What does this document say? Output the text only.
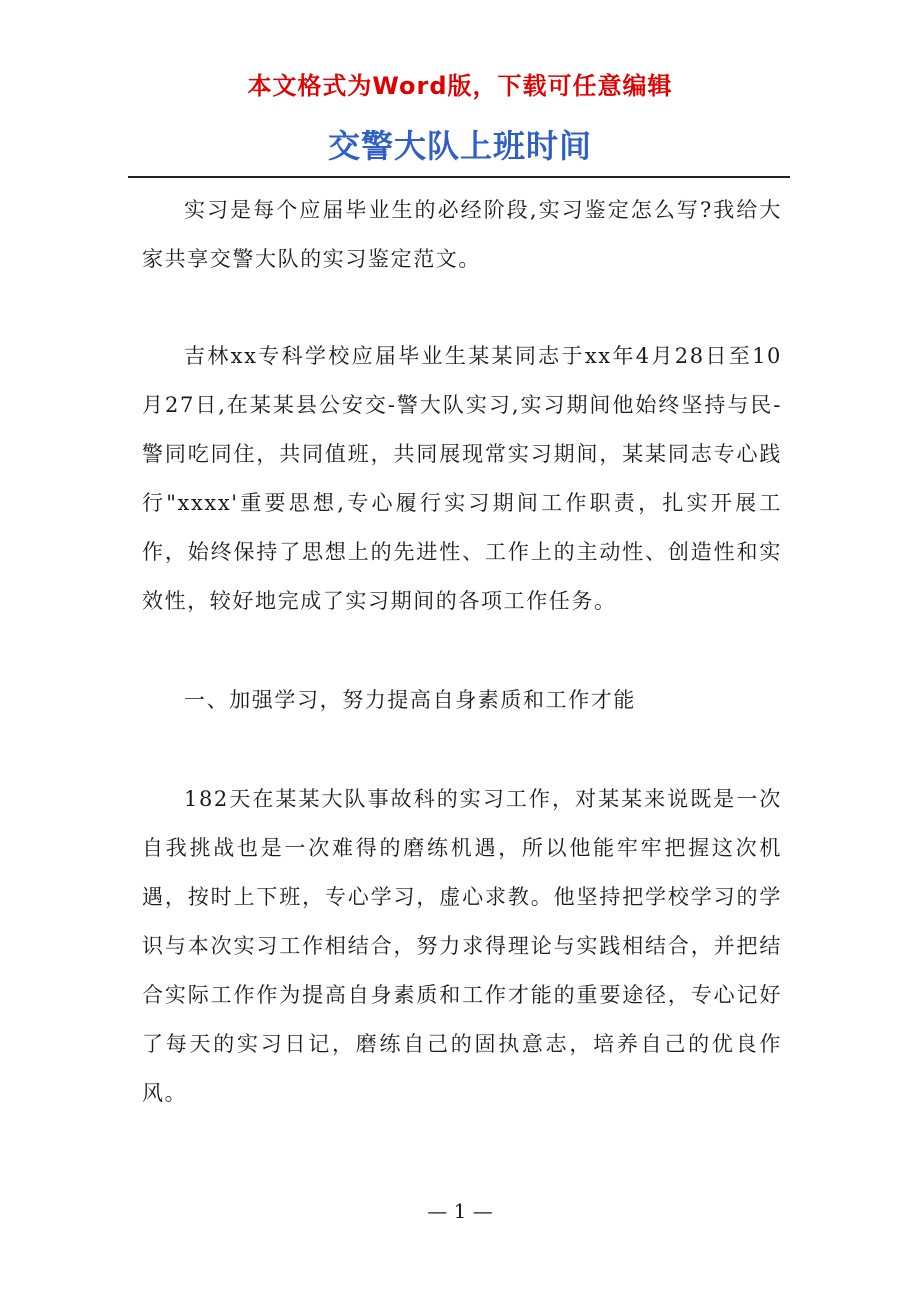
本文格式为Word版，下载可任意编辑
交警大队上班时间

实习是每个应届毕业生的必经阶段,实习鉴定怎么写?我给大家共享交警大队的实习鉴定范文。

吉林xx专科学校应届毕业生某某同志于xx年4月28日至10月27日,在某某县公安交-警大队实习,实习期间他始终坚持与民-警同吃同住，共同值班，共同展现常实习期间，某某同志专心践行"xxxx'重要思想,专心履行实习期间工作职责，扎实开展工作，始终保持了思想上的先进性、工作上的主动性、创造性和实效性，较好地完成了实习期间的各项工作任务。

一、加强学习，努力提高自身素质和工作才能

182天在某某大队事故科的实习工作，对某某来说既是一次自我挑战也是一次难得的磨练机遇，所以他能牢牢把握这次机遇，按时上下班，专心学习，虚心求教。他坚持把学校学习的学识与本次实习工作相结合，努力求得理论与实践相结合，并把结合实际工作作为提高自身素质和工作才能的重要途径，专心记好了每天的实习日记，磨练自己的固执意志，培养自己的优良作风。

— 1 —
